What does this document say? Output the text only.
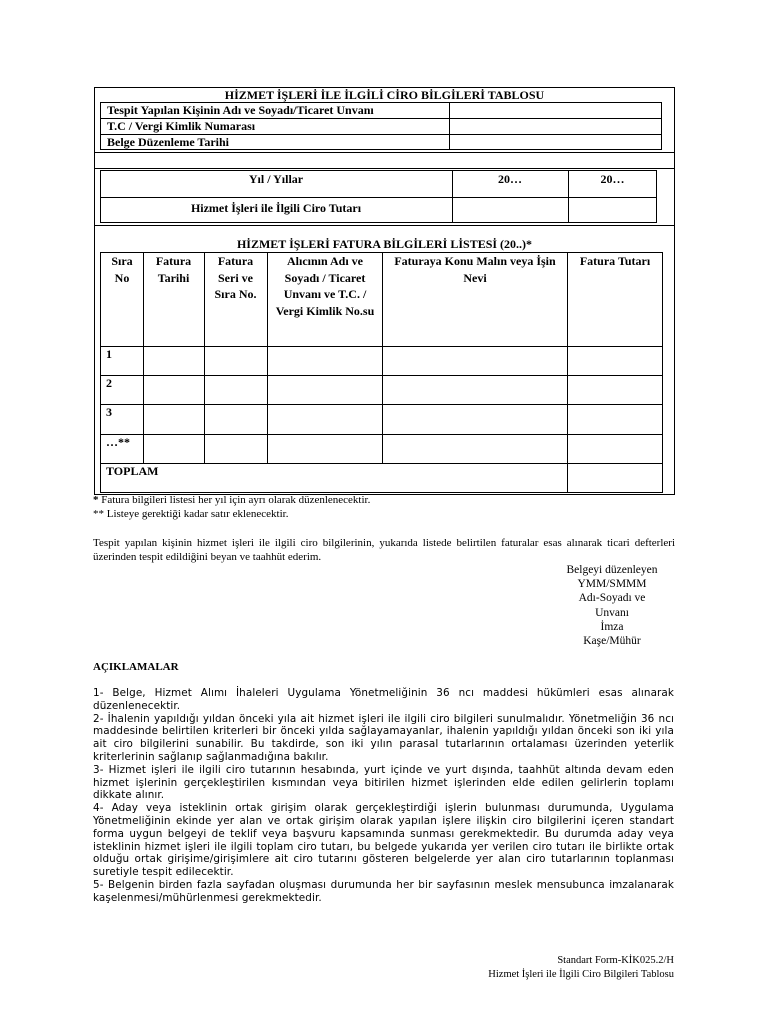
HİZMET İŞLERİ İLE İLGİLİ CİRO BİLGİLERİ TABLOSU
Tespit Yapılan Kişinin Adı ve Soyadı/Ticaret Unvanı
T.C / Vergi Kimlik Numarası
Belge Düzenleme Tarihi
Yıl / Yıllar	20…	20…
Hizmet İşleri ile İlgili Ciro Tutarı
HİZMET İŞLERİ FATURA BİLGİLERİ LİSTESİ (20..)*
Sıra No
Fatura Tarihi
Fatura Seri ve Sıra No.
Alıcının Adı ve Soyadı / Ticaret Unvanı ve T.C. / Vergi Kimlik No.su
Faturaya Konu Malın veya İşin Nevi
Fatura Tutarı
1
2
3
…**
TOPLAM
* Fatura bilgileri listesi her yıl için ayrı olarak düzenlenecektir.
** Listeye gerektiği kadar satır eklenecektir.
Tespit yapılan kişinin hizmet işleri ile ilgili ciro bilgilerinin, yukarıda listede belirtilen faturalar esas alınarak ticari defterleri üzerinden tespit edildiğini beyan ve taahhüt ederim.
Belgeyi düzenleyen
YMM/SMMM
Adı-Soyadı ve
Unvanı
İmza
Kaşe/Mühür
AÇIKLAMALAR
1- Belge, Hizmet Alımı İhaleleri Uygulama Yönetmeliğinin 36 ncı maddesi hükümleri esas alınarak düzenlenecektir.
2- İhalenin yapıldığı yıldan önceki yıla ait hizmet işleri ile ilgili ciro bilgileri sunulmalıdır. Yönetmeliğin 36 ncı maddesinde belirtilen kriterleri bir önceki yılda sağlayamayanlar, ihalenin yapıldığı yıldan önceki son iki yıla ait ciro bilgilerini sunabilir. Bu takdirde, son iki yılın parasal tutarlarının ortalaması üzerinden yeterlik kriterlerinin sağlanıp sağlanmadığına bakılır.
3- Hizmet işleri ile ilgili ciro tutarının hesabında, yurt içinde ve yurt dışında, taahhüt altında devam eden hizmet işlerinin gerçekleştirilen kısmından veya bitirilen hizmet işlerinden elde edilen gelirlerin toplamı dikkate alınır.
4- Aday veya isteklinin ortak girişim olarak gerçekleştirdiği işlerin bulunması durumunda, Uygulama Yönetmeliğinin ekinde yer alan ve ortak girişim olarak yapılan işlere ilişkin ciro bilgilerini içeren standart forma uygun belgeyi de teklif veya başvuru kapsamında sunması gerekmektedir. Bu durumda aday veya isteklinin hizmet işleri ile ilgili toplam ciro tutarı, bu belgede yukarıda yer verilen ciro tutarı ile birlikte ortak olduğu ortak girişime/girişimlere ait ciro tutarını gösteren belgelerde yer alan ciro tutarlarının toplanması suretiyle tespit edilecektir.
5- Belgenin birden fazla sayfadan oluşması durumunda her bir sayfasının meslek mensubunca imzalanarak kaşelenmesi/mühürlenmesi gerekmektedir.
Standart Form-KİK025.2/H
Hizmet İşleri ile İlgili Ciro Bilgileri Tablosu
